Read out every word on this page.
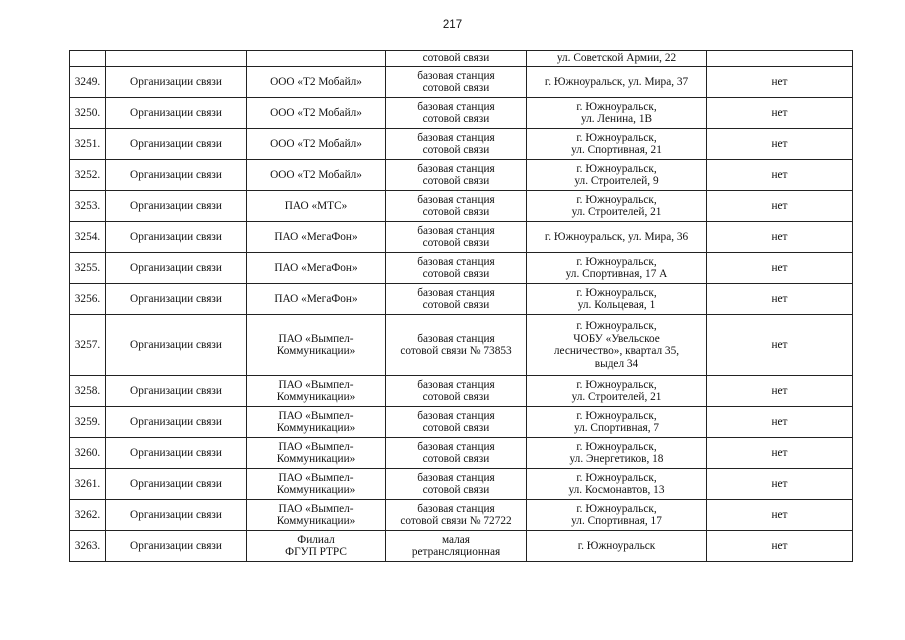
217
			сотовой связи	ул. Советской Армии, 22	

3249.	Организации связи	ООО «Т2 Мобайл»	базовая станция
сотовой связи	г. Южноуральск, ул. Мира, 37	нет

3250.	Организации связи	ООО «Т2 Мобайл»	базовая станция
сотовой связи	г. Южноуральск,
ул. Ленина, 1В	нет

3251.	Организации связи	ООО «Т2 Мобайл»	базовая станция
сотовой связи	г. Южноуральск,
ул. Спортивная, 21	нет

3252.	Организации связи	ООО «Т2 Мобайл»	базовая станция
сотовой связи	г. Южноуральск,
ул. Строителей, 9	нет

3253.	Организации связи	ПАО «МТС»	базовая станция
сотовой связи	г. Южноуральск,
ул. Строителей, 21	нет

3254.	Организации связи	ПАО «МегаФон»	базовая станция
сотовой связи	г. Южноуральск, ул. Мира, 36	нет

3255.	Организации связи	ПАО «МегаФон»	базовая станция
сотовой связи	г. Южноуральск,
ул. Спортивная, 17 А	нет

3256.	Организации связи	ПАО «МегаФон»	базовая станция
сотовой связи	г. Южноуральск,
ул. Кольцевая, 1	нет

3257.	Организации связи	ПАО «Вымпел-
Коммуникации»	базовая станция
сотовой связи № 73853	г. Южноуральск,
ЧОБУ «Увельское
лесничество», квартал 35,
выдел 34	нет

3258.	Организации связи	ПАО «Вымпел-
Коммуникации»	базовая станция
сотовой связи	г. Южноуральск,
ул. Строителей, 21	нет

3259.	Организации связи	ПАО «Вымпел-
Коммуникации»	базовая станция
сотовой связи	г. Южноуральск,
ул. Спортивная, 7	нет

3260.	Организации связи	ПАО «Вымпел-
Коммуникации»	базовая станция
сотовой связи	г. Южноуральск,
ул. Энергетиков, 18	нет

3261.	Организации связи	ПАО «Вымпел-
Коммуникации»	базовая станция
сотовой связи	г. Южноуральск,
ул. Космонавтов, 13	нет

3262.	Организации связи	ПАО «Вымпел-
Коммуникации»	базовая станция
сотовой связи № 72722	г. Южноуральск,
ул. Спортивная, 17	нет

3263.	Организации связи	Филиал
ФГУП РТРС	малая
ретрансляционная	г. Южноуральск	нет
